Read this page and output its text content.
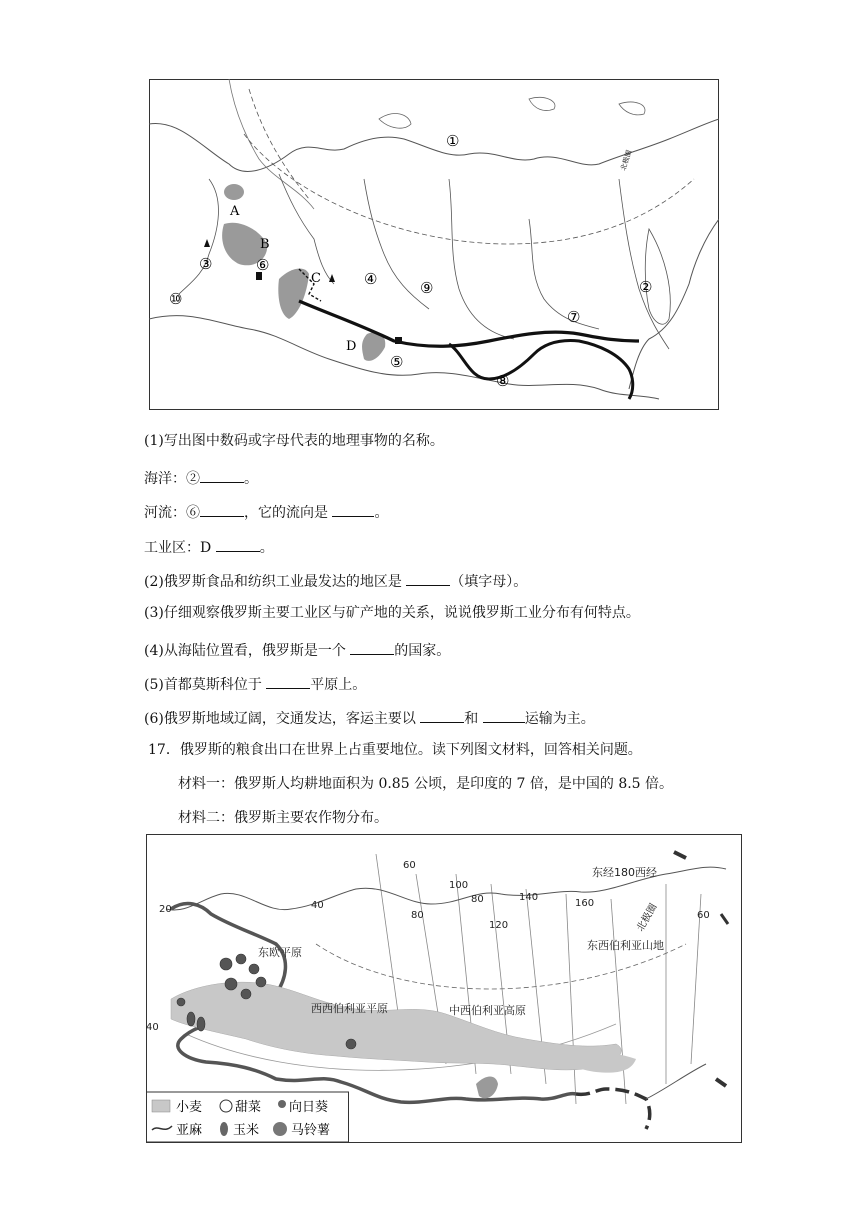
①
②
③
④
⑤
⑥
⑦
⑧
⑨
⑩
A
B
C
D
北极圈
(1)写出图中数码或字母代表的地理事物的名称。
海洋：②	。
河流：⑥	，它的流向是	。
工业区：D	。
(2)俄罗斯食品和纺织工业最发达的地区是	（填字母）。
(3)仔细观察俄罗斯主要工业区与矿产地的关系，说说俄罗斯工业分布有何特点。
(4)从海陆位置看，俄罗斯是一个	的国家。
(5)首都莫斯科位于	平原上。
(6)俄罗斯地域辽阔，交通发达，客运主要以	和	运输为主。
17．俄罗斯的粮食出口在世界上占重要地位。读下列图文材料，回答相关问题。
材料一：俄罗斯人均耕地面积为 0.85 公顷，是印度的 7 倍，是中国的 8.5 倍。
材料二：俄罗斯主要农作物分布。
小麦	甜菜 向日葵
亚麻 玉米 马铃薯
20	40
60
80
100
80
120
140
160
60
40
东经180西经
北极圈
东欧平原
西西伯利亚平原	中西伯利亚高原
东西伯利亚山地
